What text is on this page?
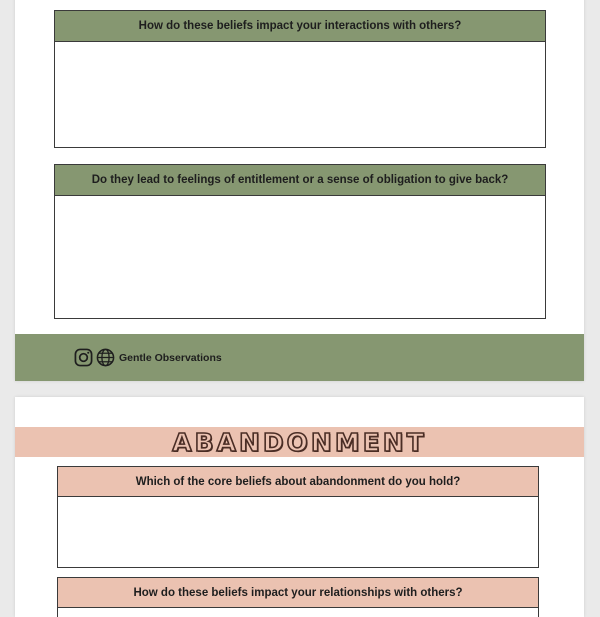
How do these beliefs impact your interactions with others?
Do they lead to feelings of entitlement or a sense of obligation to give back?
Gentle Observations
ABANDONMENT
Which of the core beliefs about abandonment do you hold?
How do these beliefs impact your relationships with others?
